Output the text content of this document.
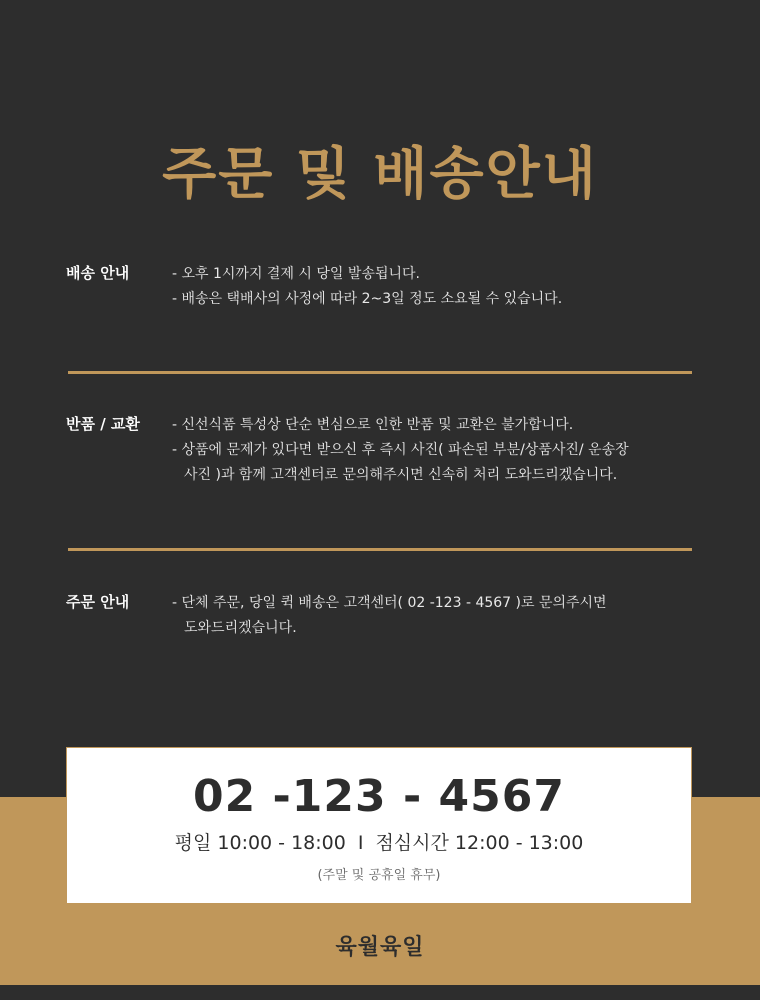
주문 및 배송안내
배송 안내	- 오후 1시까지 결제 시 당일 발송됩니다.
- 배송은 택배사의 사정에 따라 2~3일 정도 소요될 수 있습니다.
반품 / 교환 - 신선식품 특성상 단순 변심으로 인한 반품 및 교환은 불가합니다.
- 상품에 문제가 있다면 받으신 후 즉시 사진( 파손된 부분/상품사진/ 운송장
사진 )과 함께 고객센터로 문의해주시면 신속히 처리 도와드리겠습니다.
주문 안내	- 단체 주문, 당일 퀵 배송은 고객센터( 02 -123 - 4567 )로 문의주시면
도와드리겠습니다.
02 -123 - 4567
평일 10:00 - 18:00 I 점심시간 12:00 - 13:00
(주말 및 공휴일 휴무)
육월육일
